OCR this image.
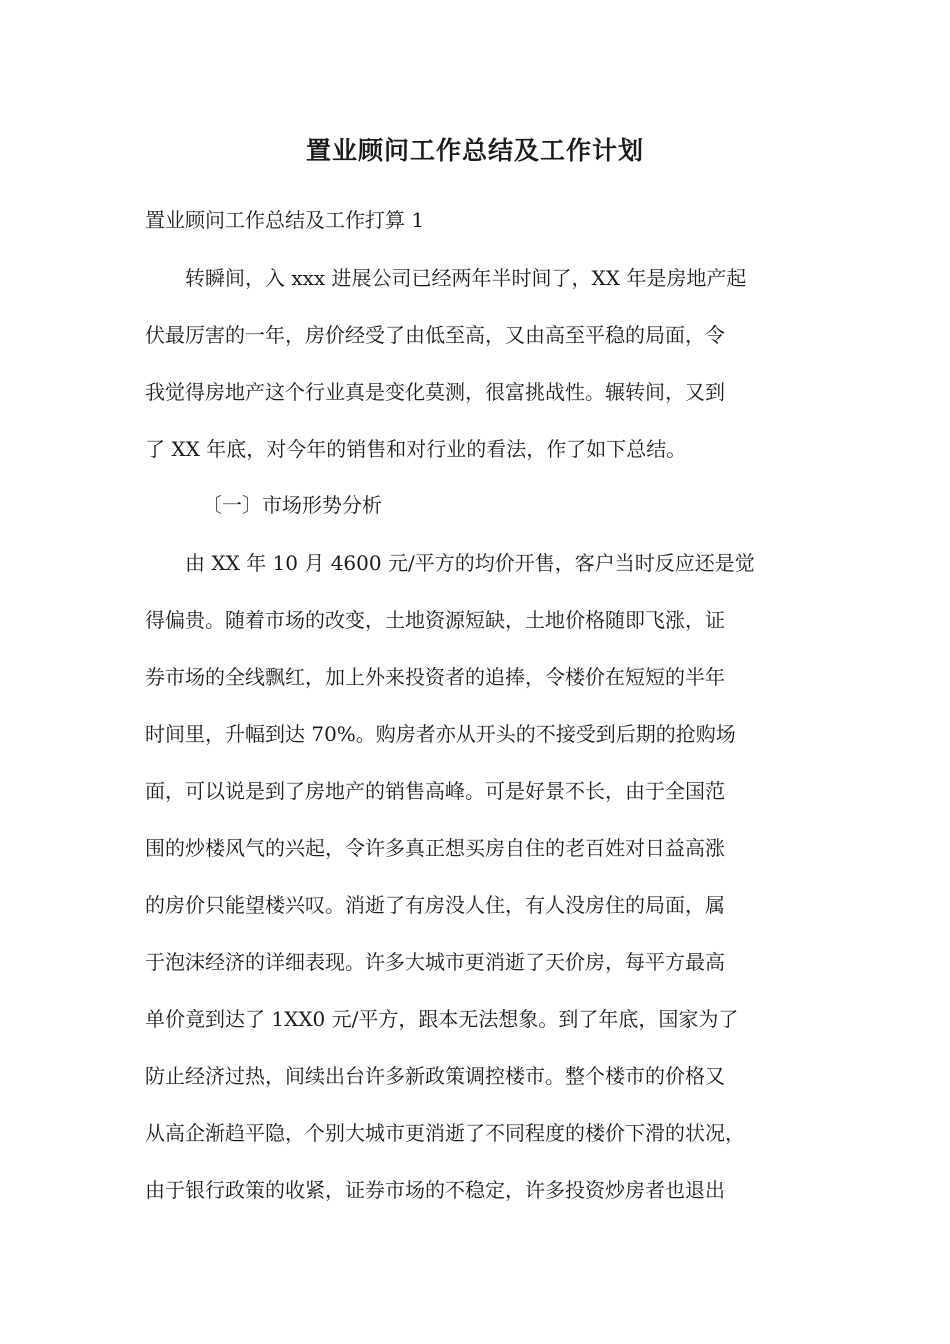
置业顾问工作总结及工作计划
置业顾问工作总结及工作打算 1
　　转瞬间，入 xxx 进展公司已经两年半时间了，XX 年是房地产起
伏最厉害的一年，房价经受了由低至高，又由高至平稳的局面，令
我觉得房地产这个行业真是变化莫测，很富挑战性。辗转间，又到
了 XX 年底，对今年的销售和对行业的看法，作了如下总结。
〔一〕市场形势分析
　　由 XX 年 10 月 4600 元/平方的均价开售，客户当时反应还是觉
得偏贵。随着市场的改变，土地资源短缺，土地价格随即飞涨，证
券市场的全线飘红，加上外来投资者的追捧，令楼价在短短的半年
时间里，升幅到达 70%。购房者亦从开头的不接受到后期的抢购场
面，可以说是到了房地产的销售高峰。可是好景不长，由于全国范
围的炒楼风气的兴起，令许多真正想买房自住的老百姓对日益高涨
的房价只能望楼兴叹。消逝了有房没人住，有人没房住的局面，属
于泡沫经济的详细表现。许多大城市更消逝了天价房，每平方最高
单价竟到达了 1XX0 元/平方，跟本无法想象。到了年底，国家为了
防止经济过热，间续出台许多新政策调控楼市。整个楼市的价格又
从高企渐趋平隐，个别大城市更消逝了不同程度的楼价下滑的状况，
由于银行政策的收紧，证券市场的不稳定，许多投资炒房者也退出
